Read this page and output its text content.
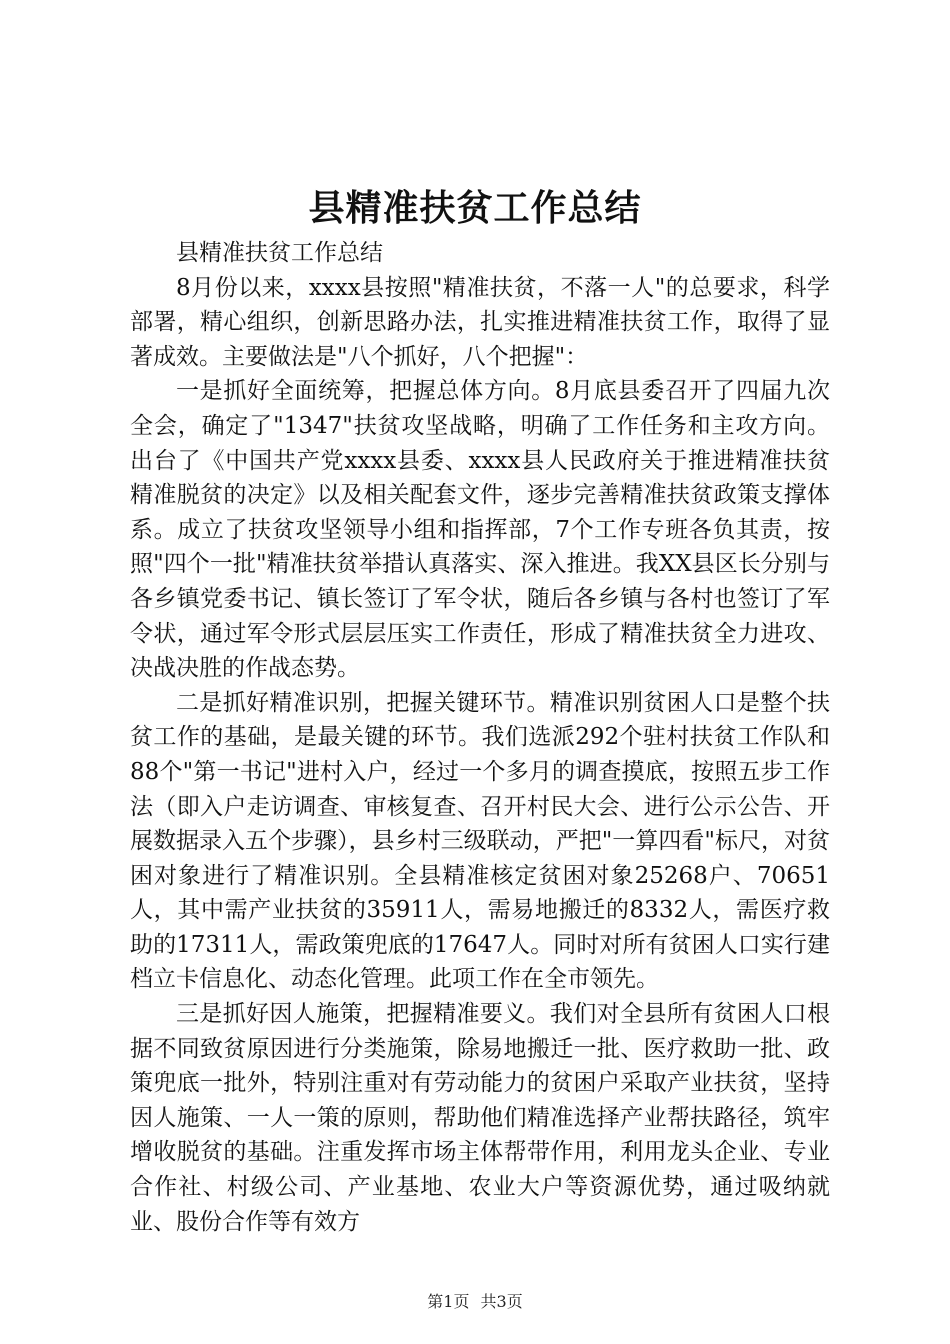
县精准扶贫工作总结

县精准扶贫工作总结

8月份以来，xxxx县按照"精准扶贫，不落一人"的总要求，科学部署，精心组织，创新思路办法，扎实推进精准扶贫工作，取得了显著成效。主要做法是"八个抓好，八个把握"：

一是抓好全面统筹，把握总体方向。8月底县委召开了四届九次全会，确定了"1347"扶贫攻坚战略，明确了工作任务和主攻方向。出台了《中国共产党xxxx县委、xxxx县人民政府关于推进精准扶贫精准脱贫的决定》以及相关配套文件，逐步完善精准扶贫政策支撑体系。成立了扶贫攻坚领导小组和指挥部，7个工作专班各负其责，按照"四个一批"精准扶贫举措认真落实、深入推进。我XX县区长分别与各乡镇党委书记、镇长签订了军令状，随后各乡镇与各村也签订了军令状，通过军令形式层层压实工作责任，形成了精准扶贫全力进攻、决战决胜的作战态势。

二是抓好精准识别，把握关键环节。精准识别贫困人口是整个扶贫工作的基础，是最关键的环节。我们选派292个驻村扶贫工作队和88个"第一书记"进村入户，经过一个多月的调查摸底，按照五步工作法（即入户走访调查、审核复查、召开村民大会、进行公示公告、开展数据录入五个步骤），县乡村三级联动，严把"一算四看"标尺，对贫困对象进行了精准识别。全县精准核定贫困对象25268户、70651人，其中需产业扶贫的35911人，需易地搬迁的8332人，需医疗救助的17311人，需政策兜底的17647人。同时对所有贫困人口实行建档立卡信息化、动态化管理。此项工作在全市领先。

三是抓好因人施策，把握精准要义。我们对全县所有贫困人口根据不同致贫原因进行分类施策，除易地搬迁一批、医疗救助一批、政策兜底一批外，特别注重对有劳动能力的贫困户采取产业扶贫，坚持因人施策、一人一策的原则，帮助他们精准选择产业帮扶路径，筑牢增收脱贫的基础。注重发挥市场主体帮带作用，利用龙头企业、专业合作社、村级公司、产业基地、农业大户等资源优势，通过吸纳就业、股份合作等有效方

第1页 共3页
